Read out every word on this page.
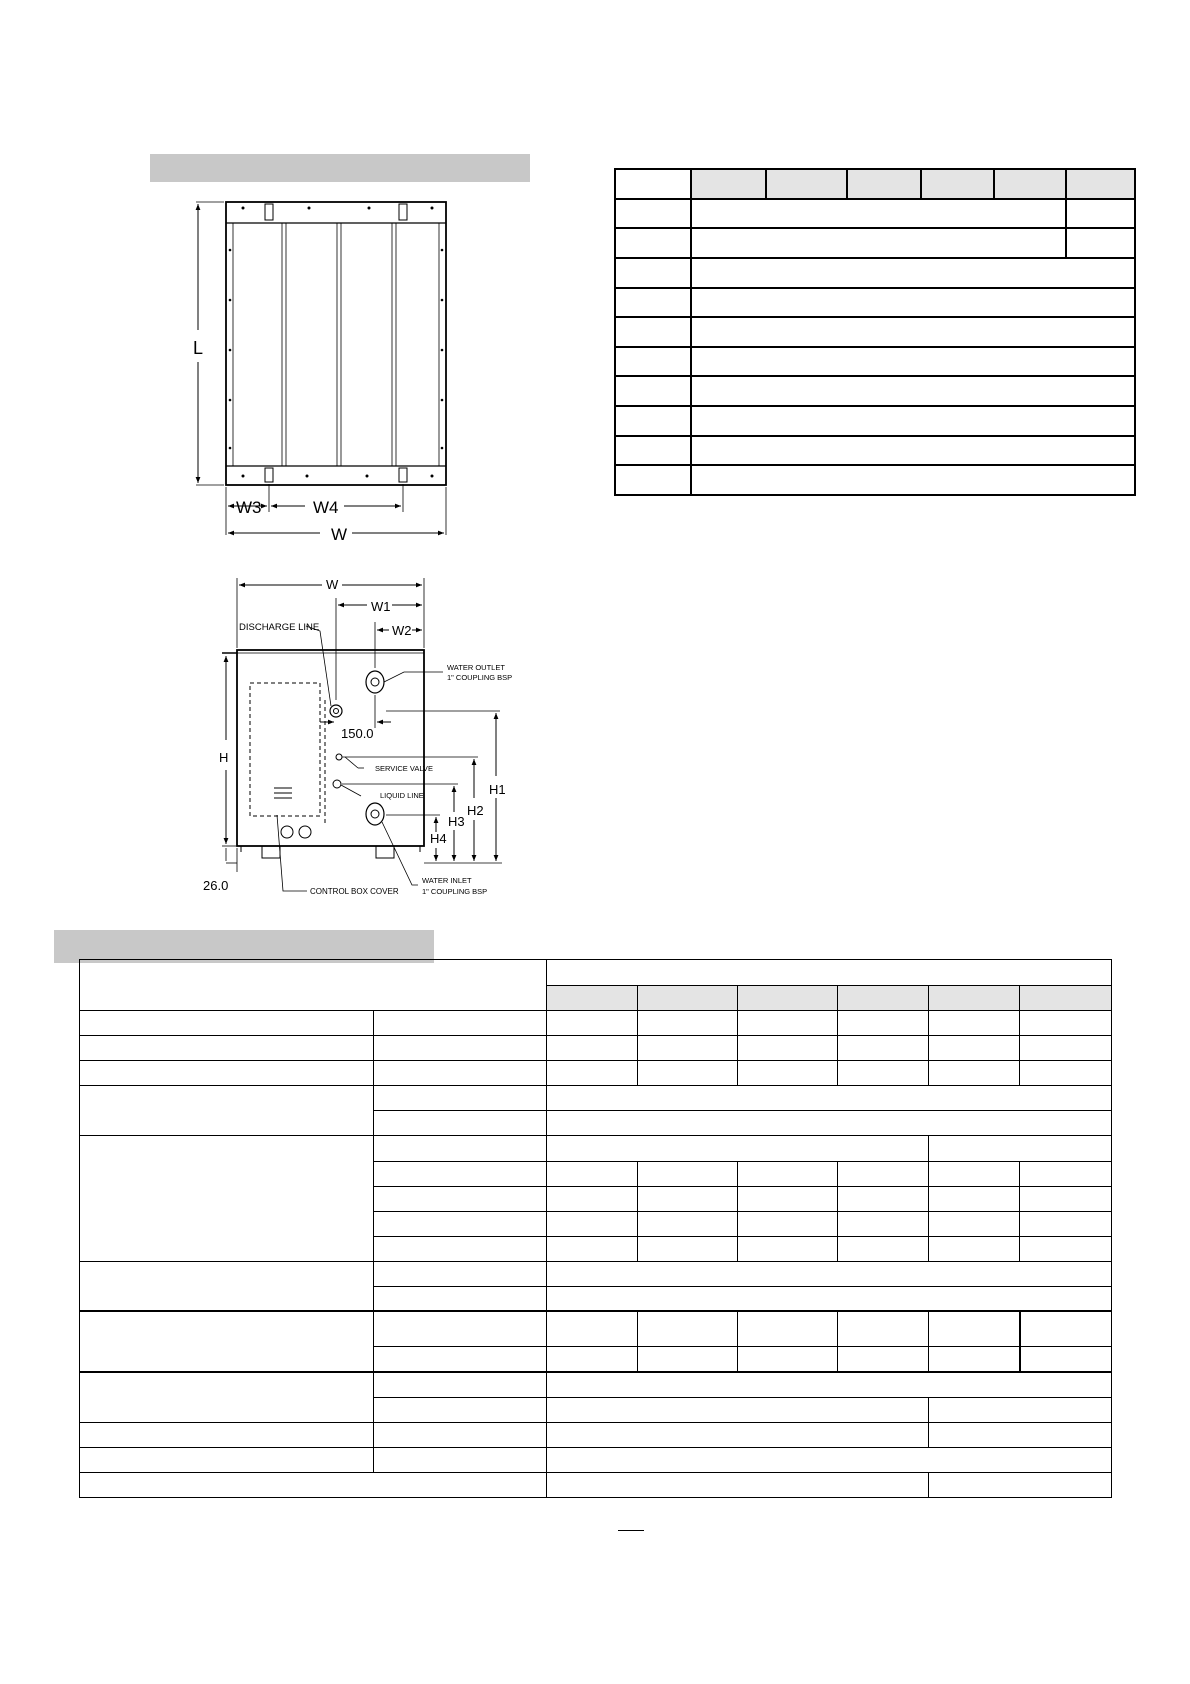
L
W3	W4
W
W
W1
W2
H
H1
H2
H3
H4
150.0
26.0
DISCHARGE LINE
WATER OUTLET
1" COUPLING BSP
SERVICE VALVE
LIQUID LINE
CONTROL BOX COVER
WATER INLET
1" COUPLING BSP
